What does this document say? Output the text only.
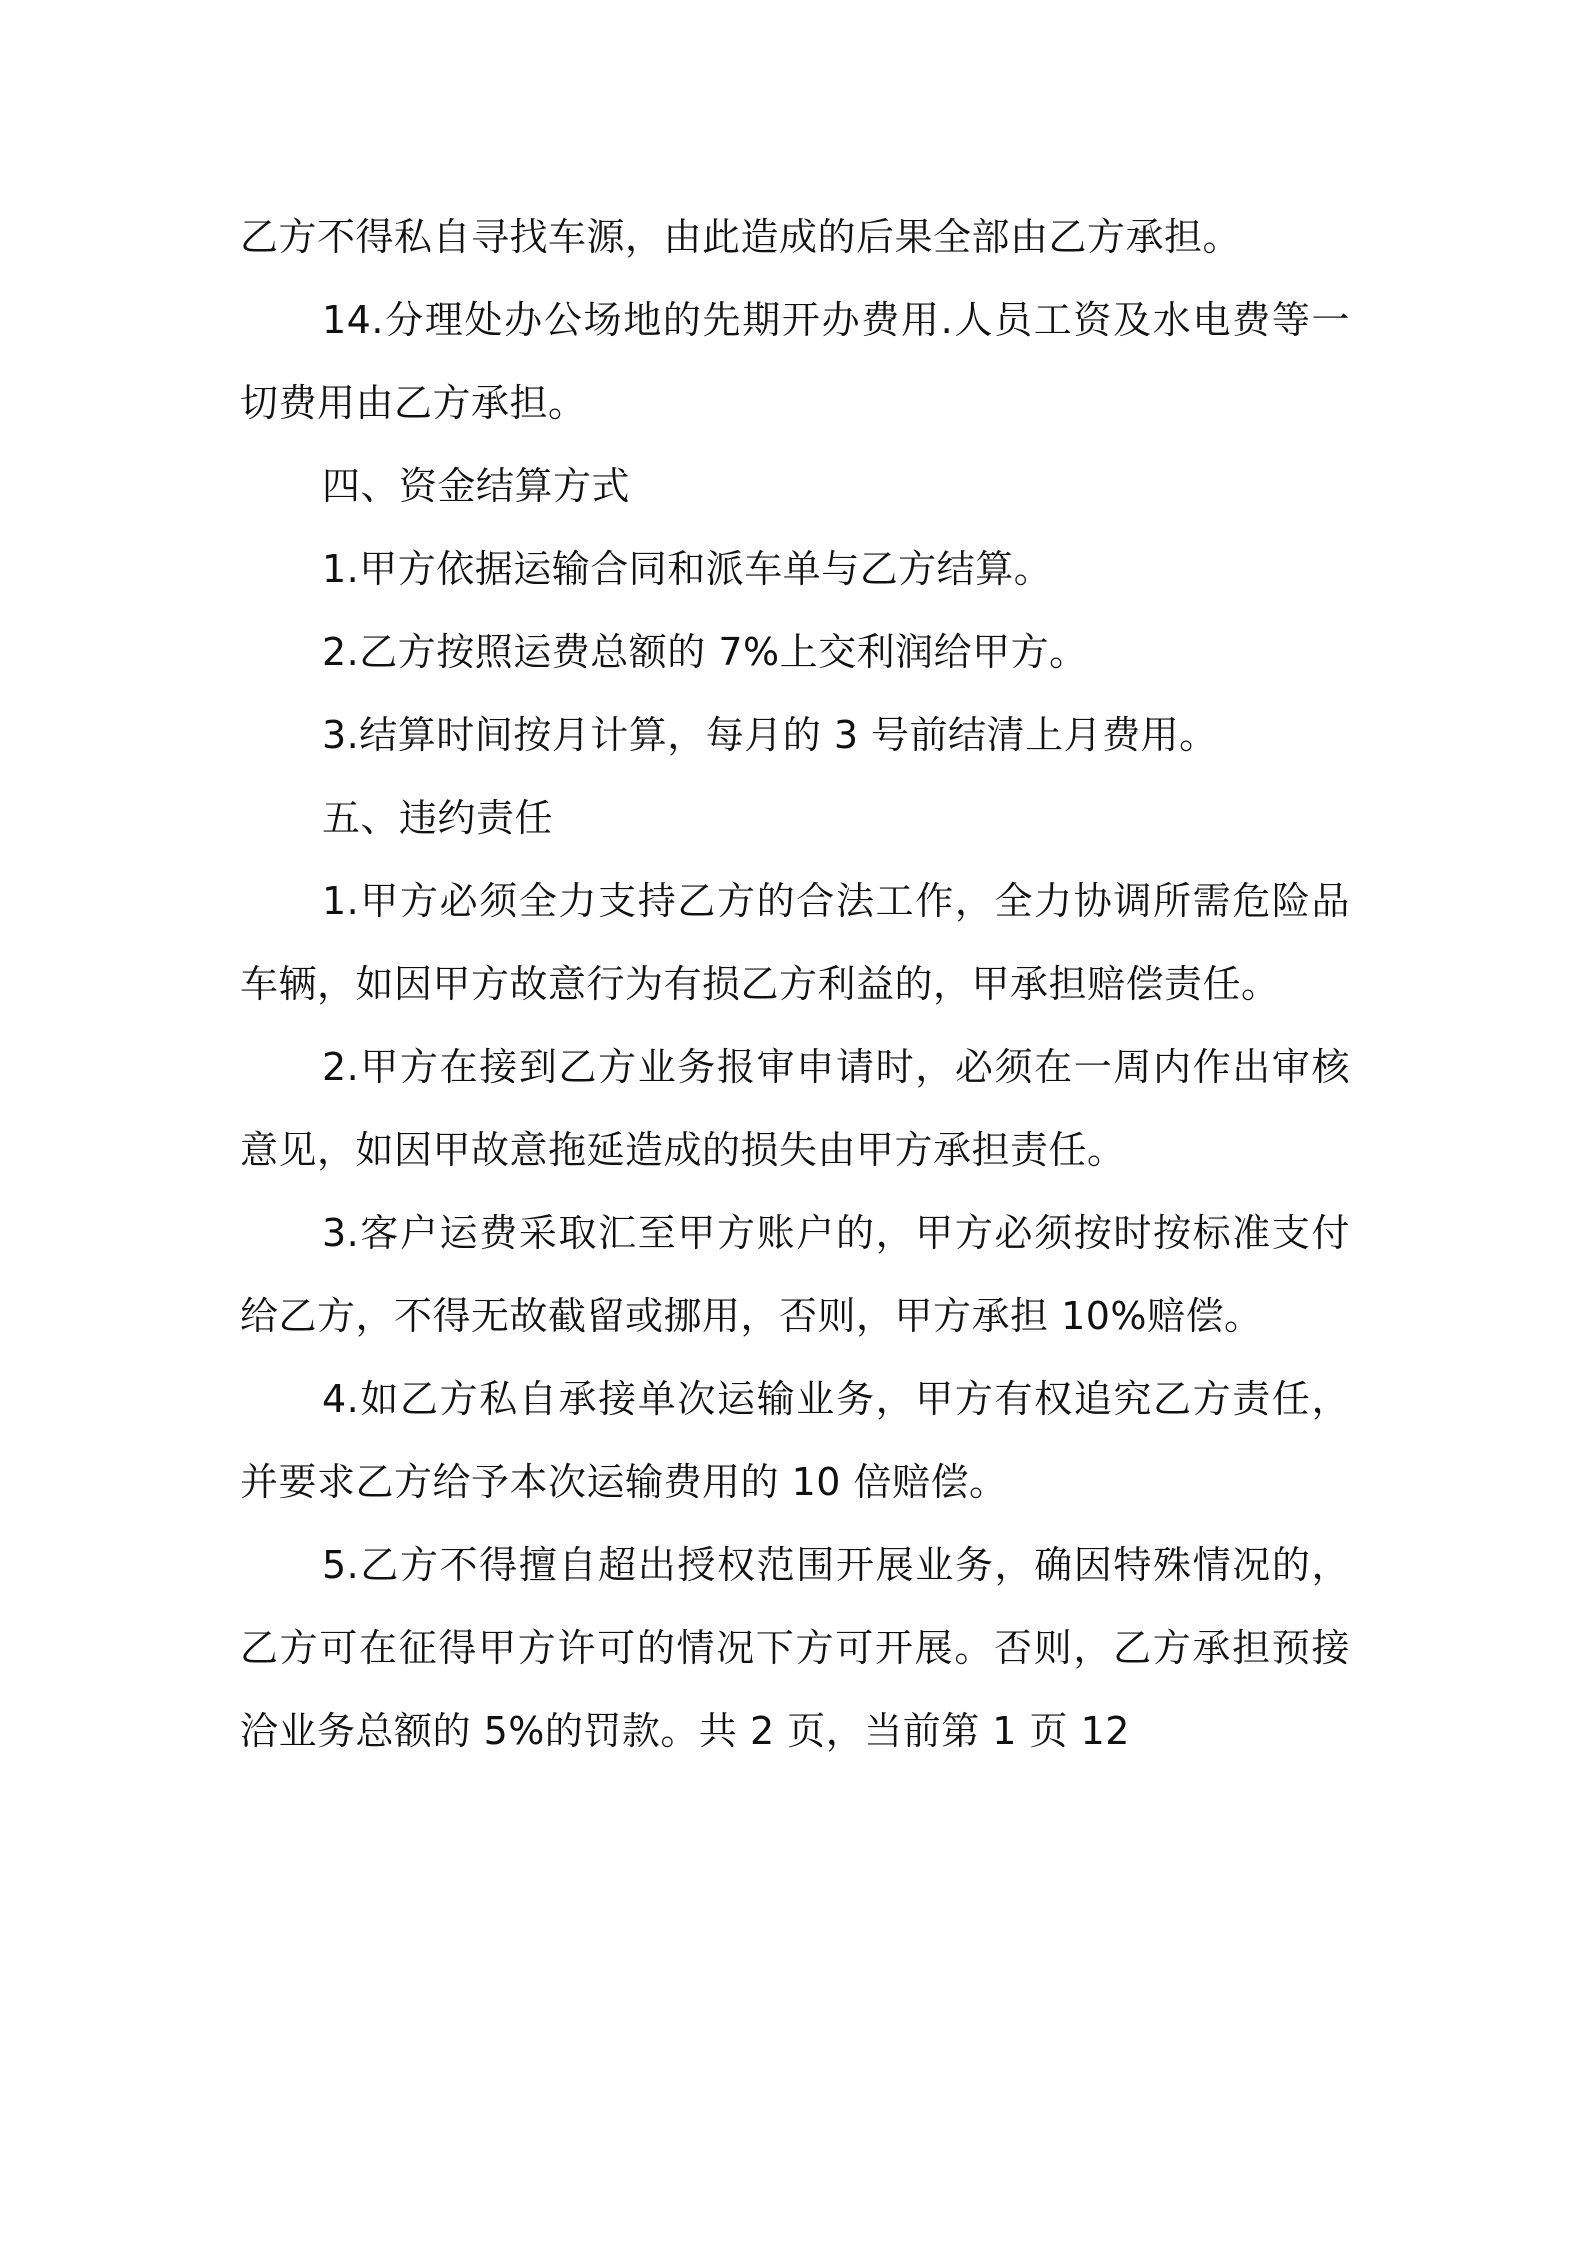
乙方不得私自寻找车源，由此造成的后果全部由乙方承担。

14.分理处办公场地的先期开办费用.人员工资及水电费等一切费用由乙方承担。

四、资金结算方式

1.甲方依据运输合同和派车单与乙方结算。

2.乙方按照运费总额的 7%上交利润给甲方。

3.结算时间按月计算，每月的 3 号前结清上月费用。

五、违约责任

1.甲方必须全力支持乙方的合法工作，全力协调所需危险品车辆，如因甲方故意行为有损乙方利益的，甲承担赔偿责任。

2.甲方在接到乙方业务报审申请时，必须在一周内作出审核意见，如因甲故意拖延造成的损失由甲方承担责任。

3.客户运费采取汇至甲方账户的，甲方必须按时按标准支付给乙方，不得无故截留或挪用，否则，甲方承担 10%赔偿。

4.如乙方私自承接单次运输业务，甲方有权追究乙方责任，并要求乙方给予本次运输费用的 10 倍赔偿。

5.乙方不得擅自超出授权范围开展业务，确因特殊情况的，乙方可在征得甲方许可的情况下方可开展。否则，乙方承担预接洽业务总额的 5%的罚款。共 2 页，当前第 1 页 12
